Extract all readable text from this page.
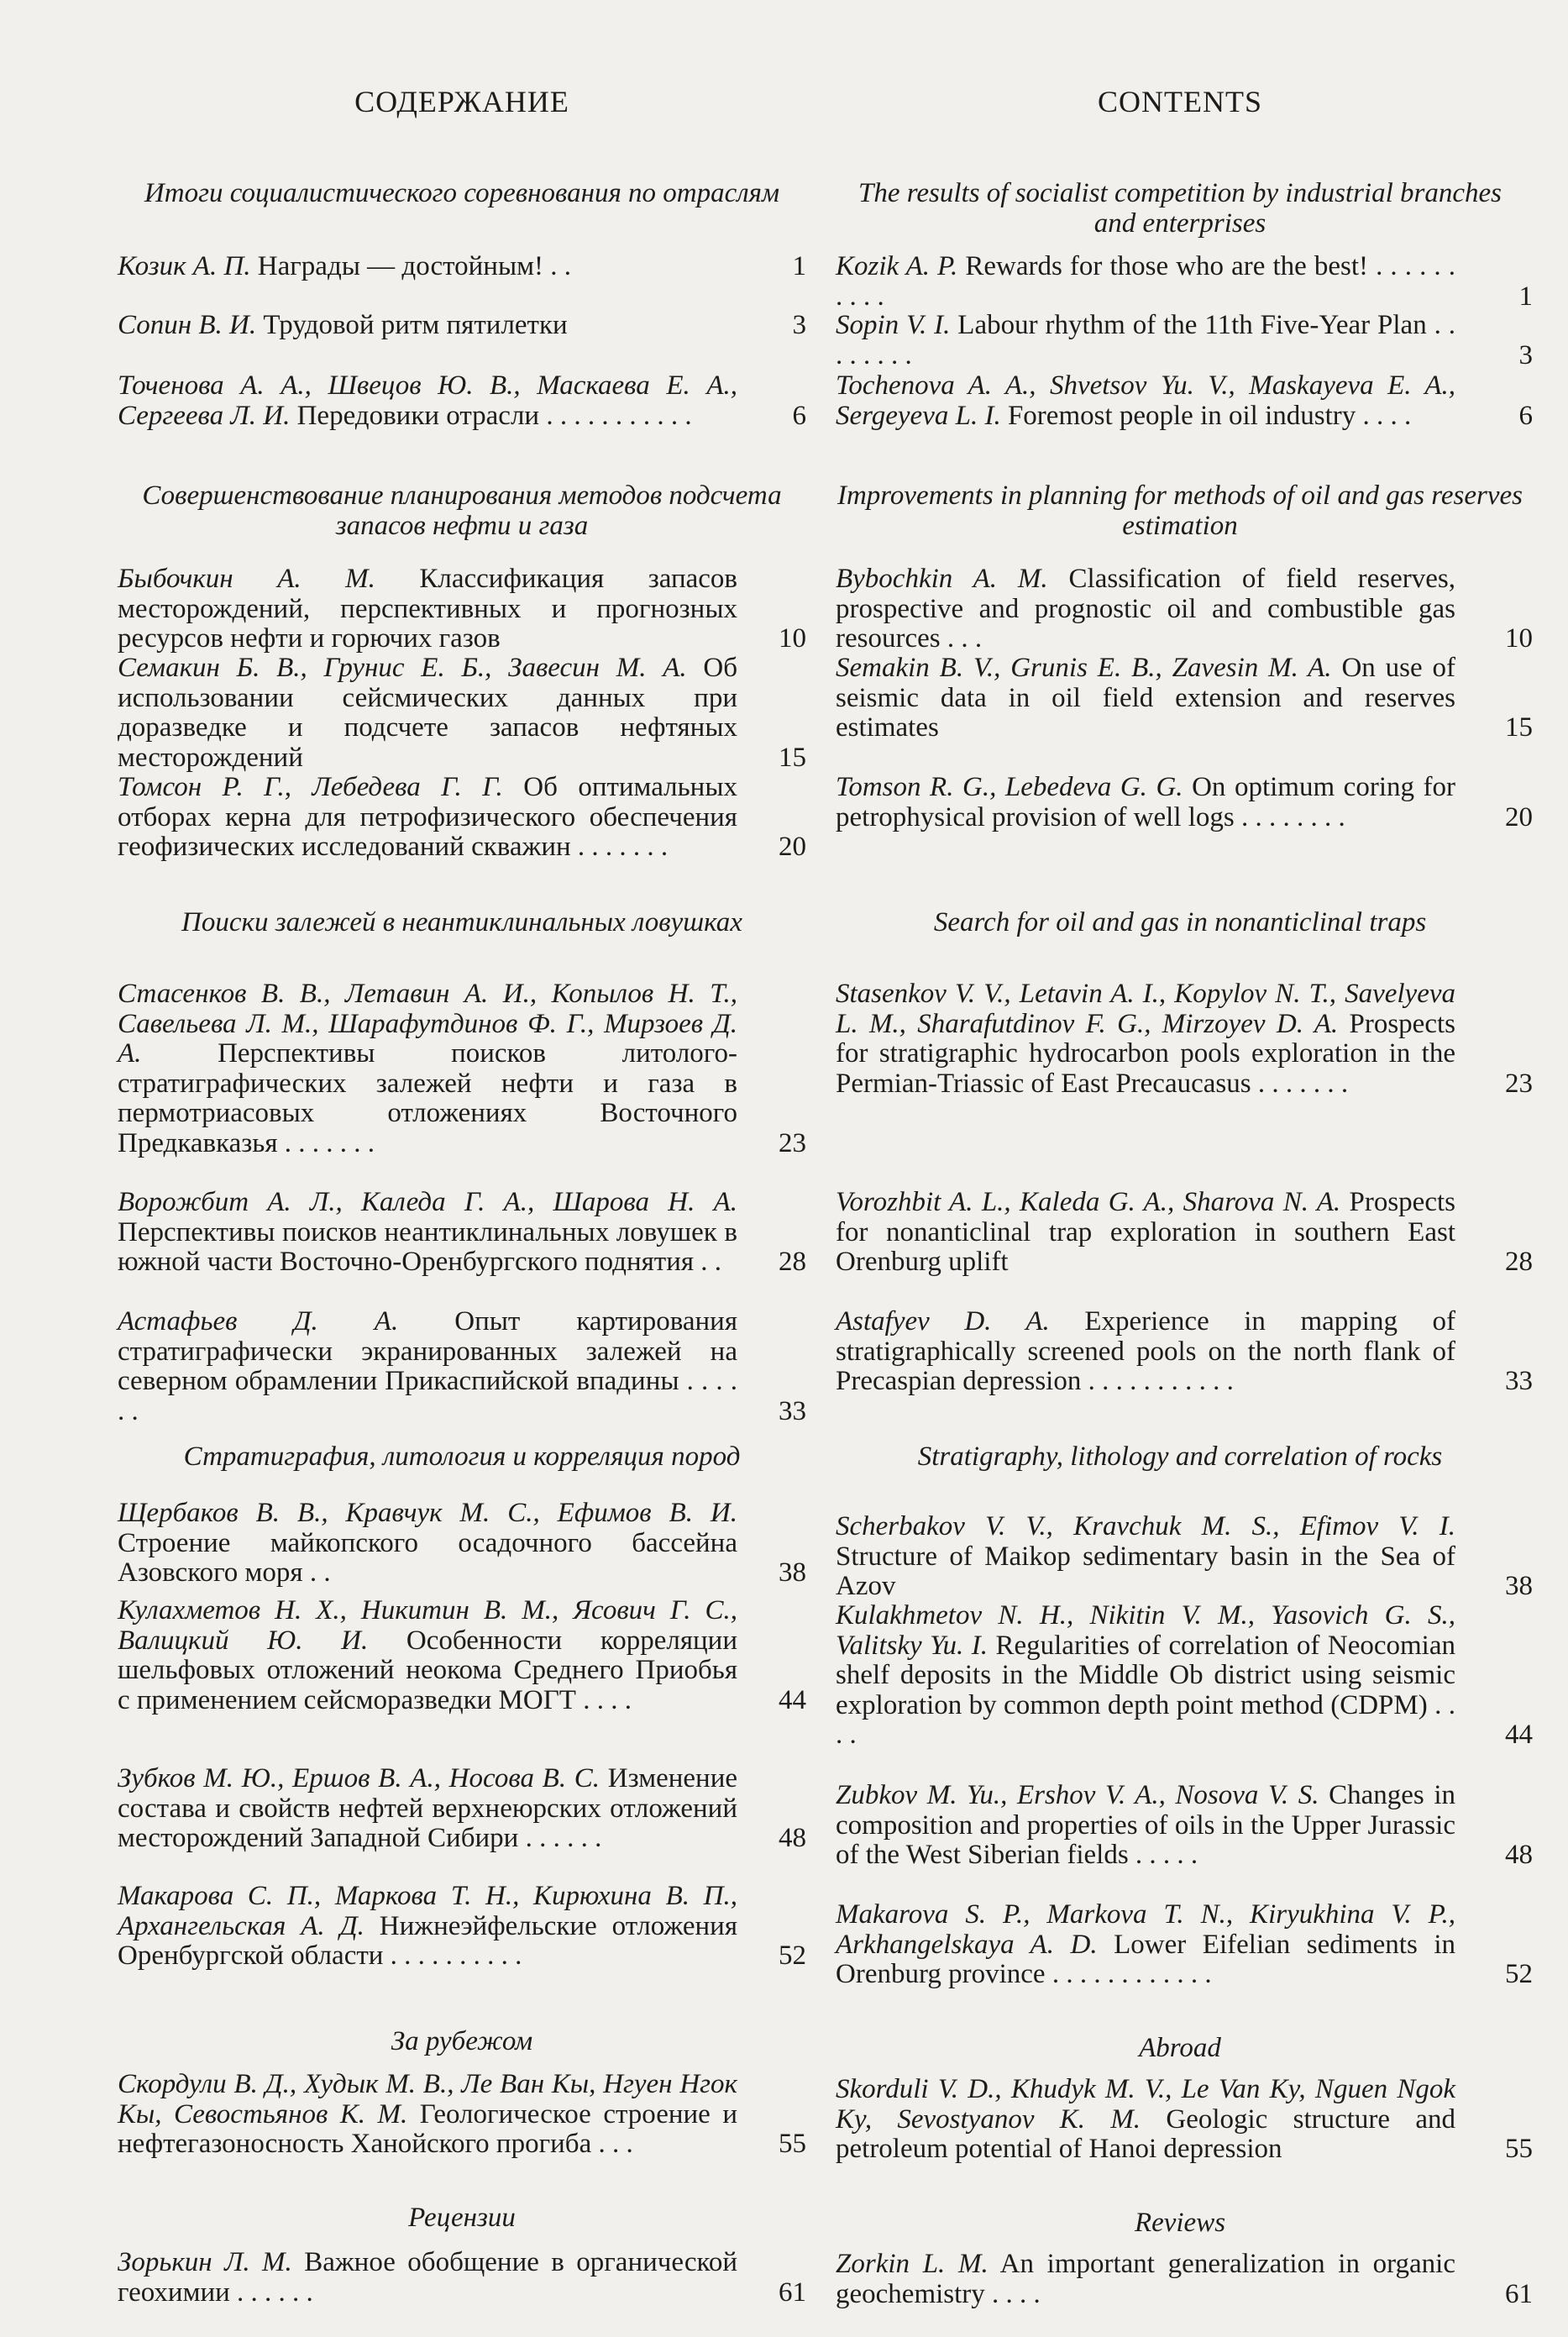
СОДЕРЖАНИЕ
Итоги социалистического соревнования по отраслям
Козик А. П. Награды — достойным! . .	1
Сопин В. И. Трудовой ритм пятилетки	3
Точенова А. А., Швецов Ю. В., Маскаева Е. А., Сергеева Л. И. Передовики отрасли . . . . . . . . . . .	6
Совершенствование планирования методов подсчета запасов нефти и газа
Быбочкин А. М. Классификация запасов месторождений, перспективных и прогнозных ресурсов нефти и горючих газов	10
Семакин Б. В., Грунис Е. Б., Завесин М. А. Об использовании сейсмических данных при доразведке и подсчете запасов нефтяных месторождений	15
Томсон Р. Г., Лебедева Г. Г. Об оптимальных отборах керна для петрофизического обеспечения геофизических исследований скважин . . . . . . .	20
Поиски залежей в неантиклинальных ловушках
Стасенков В. В., Летавин А. И., Копылов Н. Т., Савельева Л. М., Шарафутдинов Ф. Г., Мирзоев Д. А.	Перспективы поисков литолого-стратиграфических залежей нефти и газа в пермотриасовых отложениях Восточного Предкавказья . . . . . . .	23
Ворожбит А. Л., Каледа Г. А., Шарова Н. А. Перспективы поисков неантиклинальных ловушек в южной части Восточно-Оренбургского поднятия . .	28
Астафьев Д. А. Опыт картирования стратиграфически экранированных залежей на северном обрамлении Прикаспийской впадины . . . . . .	33
Стратиграфия, литология и корреляция пород
Щербаков В. В., Кравчук М. С., Ефимов В. И. Строение майкопского осадочного бассейна Азовского моря . .	38
Кулахметов Н. Х., Никитин В. М., Ясович Г. С., Валицкий Ю. И. Особенности корреляции шельфовых отложений неокома Среднего Приобья с применением сейсморазведки МОГТ . . . .	44
Зубков М. Ю., Ершов В. А., Носова В. С. Изменение состава и свойств нефтей верхнеюрских отложений месторождений Западной Сибири . . . . . .	48
Макарова С. П., Маркова Т. Н., Кирюхина В. П., Архангельская А. Д. Нижнеэйфельские отложения Оренбургской области . . . . . . . . . .	52
За рубежом
Скордули В. Д., Худык М. В., Ле Ван Кы, Нгуен Нгок Кы, Севостьянов К. М. Геологическое строение и нефтегазоносность Ханойского прогиба . . .	55
Рецензии
Зорькин Л. М. Важное обобщение в органической геохимии . . . . . .	61
CONTENTS
The results of socialist competition by industrial branches and enterprises
Kozik A. P. Rewards for those who are the best! . . . . . . . . . .	1
Sopin V. I. Labour rhythm of the 11th Five-Year Plan . . . . . . . .	3
Tochenova A. A., Shvetsov Yu. V., Maskayeva E. A., Sergeyeva L. I. Foremost people in oil industry . . . .	6
Improvements in planning for methods of oil and gas reserves estimation
Bybochkin A. M. Classification of field reserves, prospective and prognostic oil and combustible gas resources . . .	10
Semakin B. V., Grunis E. B., Zavesin M. A. On use of seismic data in oil field extension and reserves estimates	15
Tomson R. G., Lebedeva G. G. On optimum coring for petrophysical provision of well logs . . . . . . . .	20
Search for oil and gas in nonanticlinal traps
Stasenkov V. V., Letavin A. I., Kopylov N. T., Savelyeva L. M., Sharafutdinov F. G., Mirzoyev D. A. Prospects for stratigraphic hydrocarbon pools exploration in the Permian-Triassic of East Precaucasus . . . . . . .	23
Vorozhbit A. L., Kaleda G. A., Sharova N. A. Prospects for nonanticlinal trap exploration in southern East Orenburg uplift	28
Astafyev D. A. Experience in mapping of stratigraphically screened pools on the north flank of Precaspian depression . . . . . . . . . . .	33
Stratigraphy, lithology and correlation of rocks
Scherbakov V. V., Kravchuk M. S., Efimov V. I. Structure of Maikop sedimentary basin in the Sea of Azov	38
Kulakhmetov N. H., Nikitin V. M., Yasovich G. S., Valitsky Yu. I. Regularities of correlation of Neocomian shelf deposits in the Middle Ob district using seismic exploration by common depth point method (CDPM) . . . .	44
Zubkov M. Yu., Ershov V. A., Nosova V. S. Changes in composition and properties of oils in the Upper Jurassic of the West Siberian fields . . . . .	48
Makarova S. P., Markova T. N., Kiryukhina V. P., Arkhangelskaya A. D. Lower Eifelian sediments in Orenburg province . . . . . . . . . . . .	52
Abroad
Skorduli V. D., Khudyk M. V., Le Van Ky, Nguen Ngok Ky, Sevostyanov K. M. Geologic structure and petroleum potential of Hanoi depression	55
Reviews
Zorkin L. M. An important generalization in organic geochemistry . . . .	61
